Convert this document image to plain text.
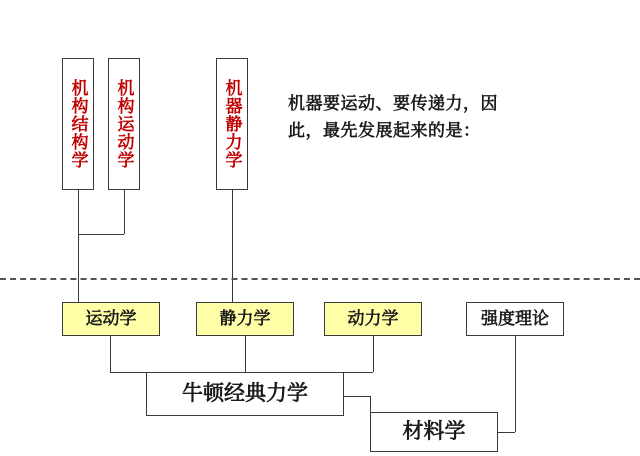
机构结构学	机构运动学	机器静力学	机器要运动、要传递力，因此，最先发展起来的是：
运动学	静力学	动力学	强度理论
牛顿经典力学
材料学
